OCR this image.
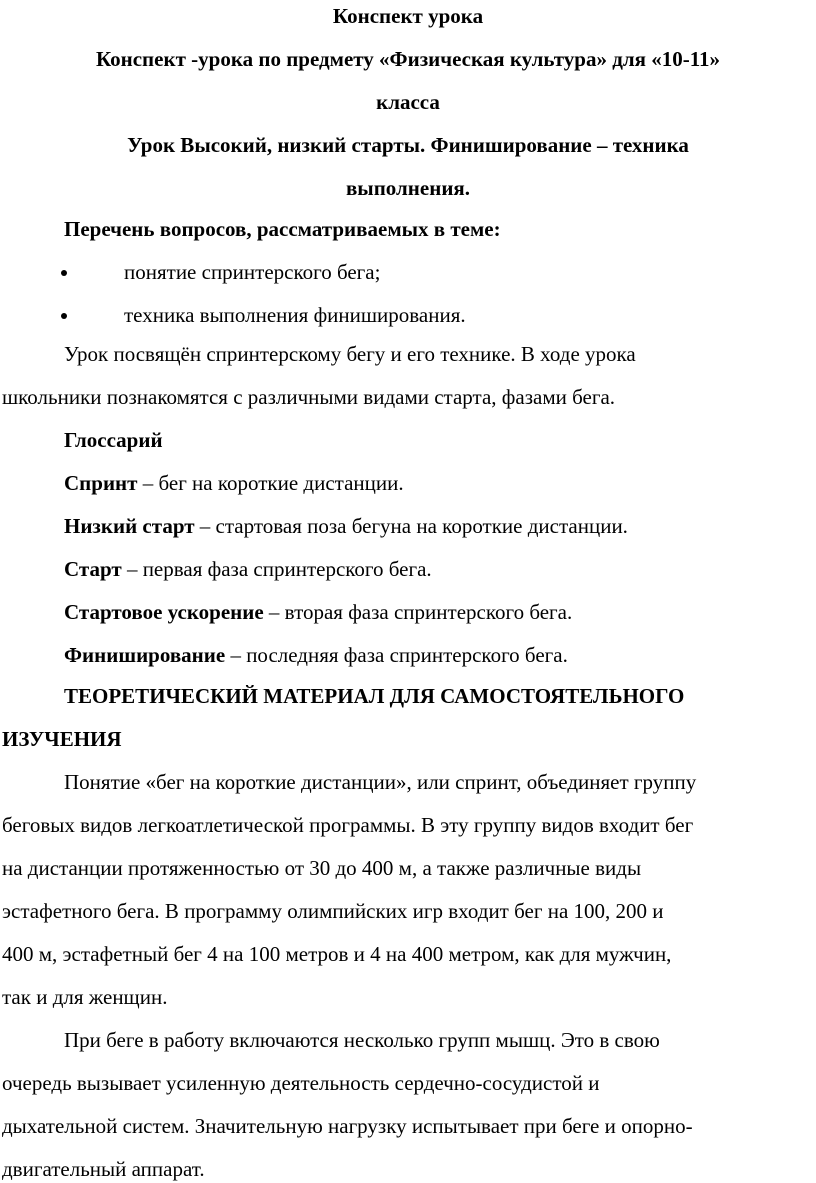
Конспект урока
Конспект -урока по предмету «Физическая культура» для «10-11»
класса
Урок Высокий, низкий старты. Финиширование – техника
выполнения.
Перечень вопросов, рассматриваемых в теме:
понятие спринтерского бега;
техника выполнения финиширования.
Урок посвящён спринтерскому бегу и его технике. В ходе урока
школьники познакомятся с различными видами старта, фазами бега.
Глоссарий
Спринт – бег на короткие дистанции.
Низкий старт – стартовая поза бегуна на короткие дистанции.
Старт – первая фаза спринтерского бега.
Стартовое ускорение – вторая фаза спринтерского бега.
Финиширование – последняя фаза спринтерского бега.
ТЕОРЕТИЧЕСКИЙ МАТЕРИАЛ ДЛЯ САМОСТОЯТЕЛЬНОГО
ИЗУЧЕНИЯ
Понятие «бег на короткие дистанции», или спринт, объединяет группу
беговых видов легкоатлетической программы. В эту группу видов входит бег
на дистанции протяженностью от 30 до 400 м, а также различные виды
эстафетного бега. В программу олимпийских игр входит бег на 100, 200 и
400 м, эстафетный бег 4 на 100 метров и 4 на 400 метром, как для мужчин,
так и для женщин.
При беге в работу включаются несколько групп мышц. Это в свою
очередь вызывает усиленную деятельность сердечно-сосудистой и
дыхательной систем. Значительную нагрузку испытывает при беге и опорно-
двигательный аппарат.
